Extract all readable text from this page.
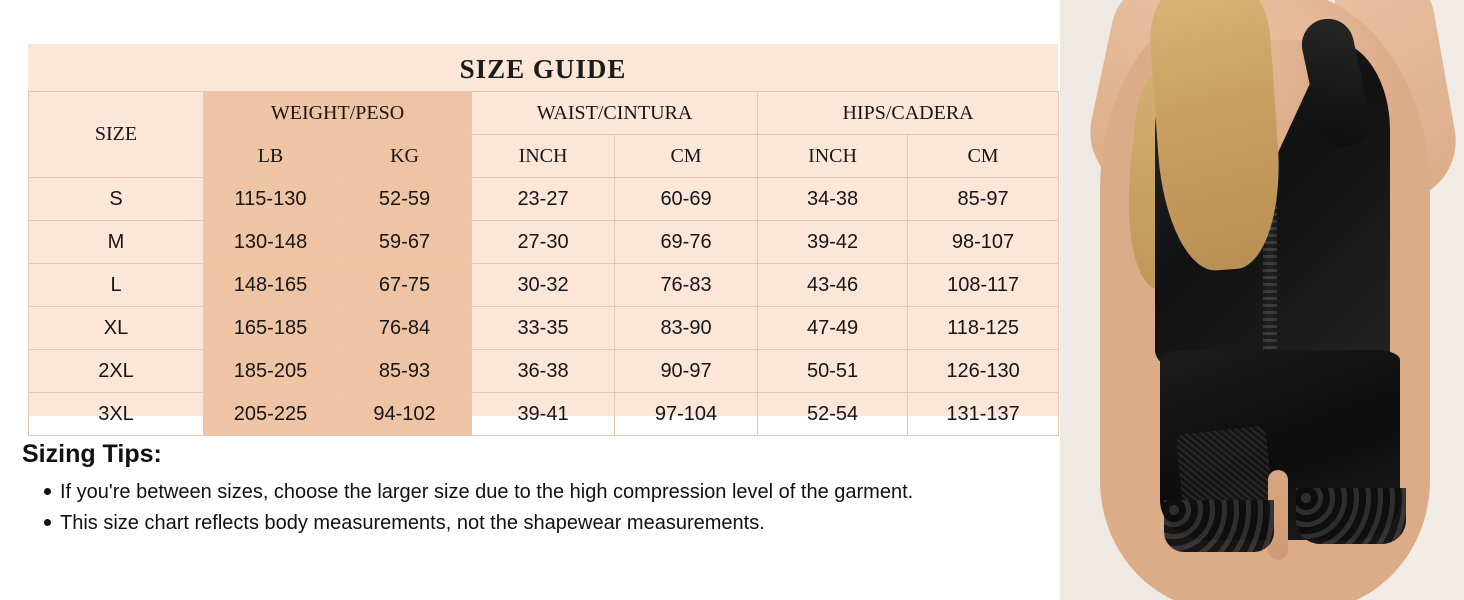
SIZE GUIDE
SIZE	WEIGHT/PESO		WAIST/CINTURA		HIPS/CADERA	
	LB	KG	INCH	CM	INCH	CM
S	115-130	52-59	23-27	60-69	34-38	85-97
M	130-148	59-67	27-30	69-76	39-42	98-107
L	148-165	67-75	30-32	76-83	43-46	108-117
XL	165-185	76-84	33-35	83-90	47-49	118-125
2XL	185-205	85-93	36-38	90-97	50-51	126-130
3XL	205-225	94-102	39-41	97-104	52-54	131-137
Sizing Tips:
If you're between sizes, choose the larger size due to the high compression level of the garment.
This size chart reflects body measurements, not the shapewear measurements.
